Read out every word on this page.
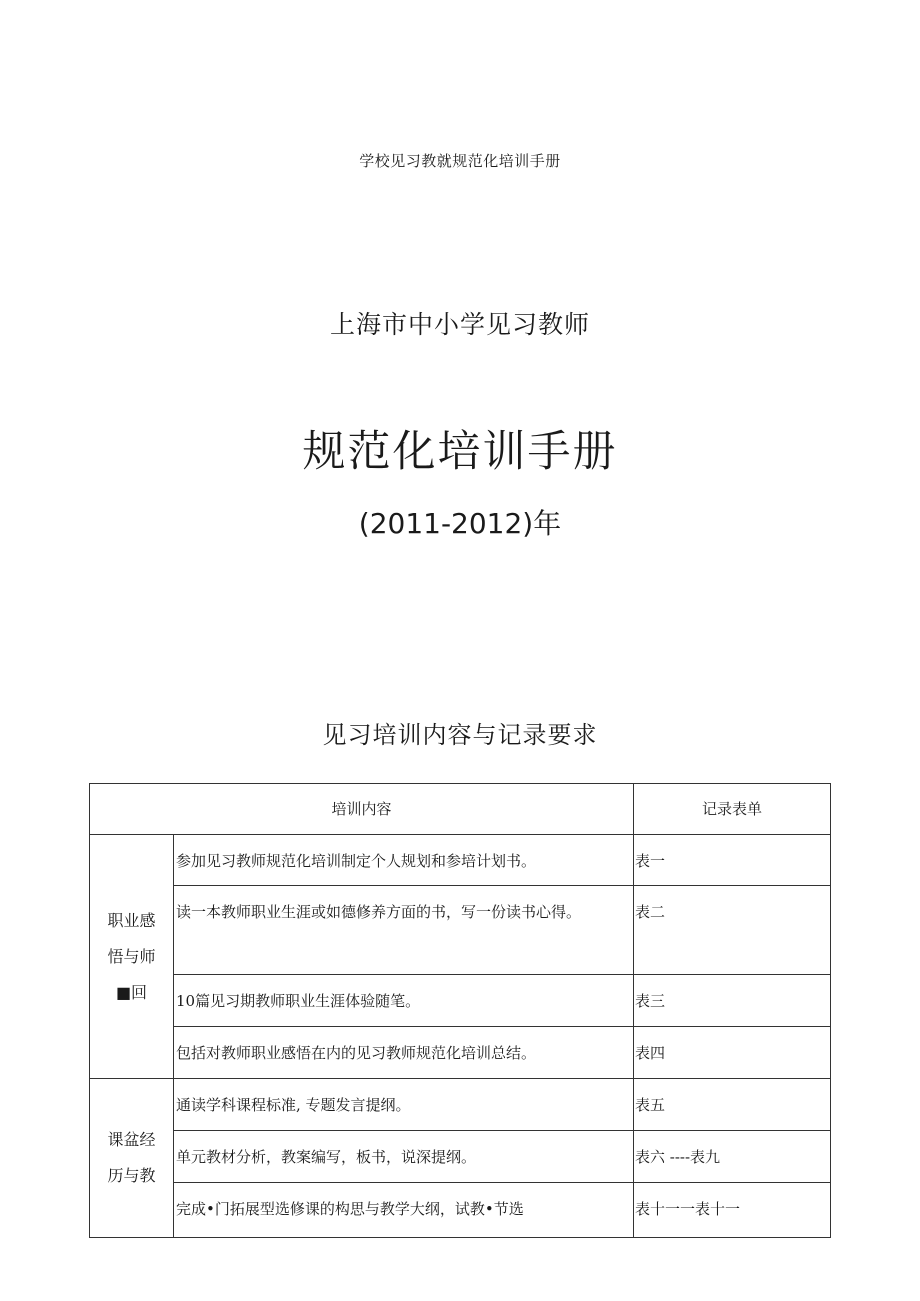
学校见习教就规范化培训手册
上海市中小学见习教师
规范化培训手册
(2011-2012)年
见习培训内容与记录要求
培训内容		记录表单

职业感
悟与师
■回	参加见习教师规范化培训制定个人规划和参培计划书。	表一
	读一本教师职业生涯或如德修养方面的书，写一份读书心得。	表二
	10篇见习期教师职业生涯体验随笔。	表三
	包括对教师职业感悟在内的见习教师规范化培训总结。	表四

课盆经
历与教	通读学科课程标准, 专题发言提纲。	表五
	单元教材分析，教案编写，板书，说深提纲。	表六 ----表九
	完成•门拓展型选修课的构思与教学大纲，试教•节选	表十一一表十一
